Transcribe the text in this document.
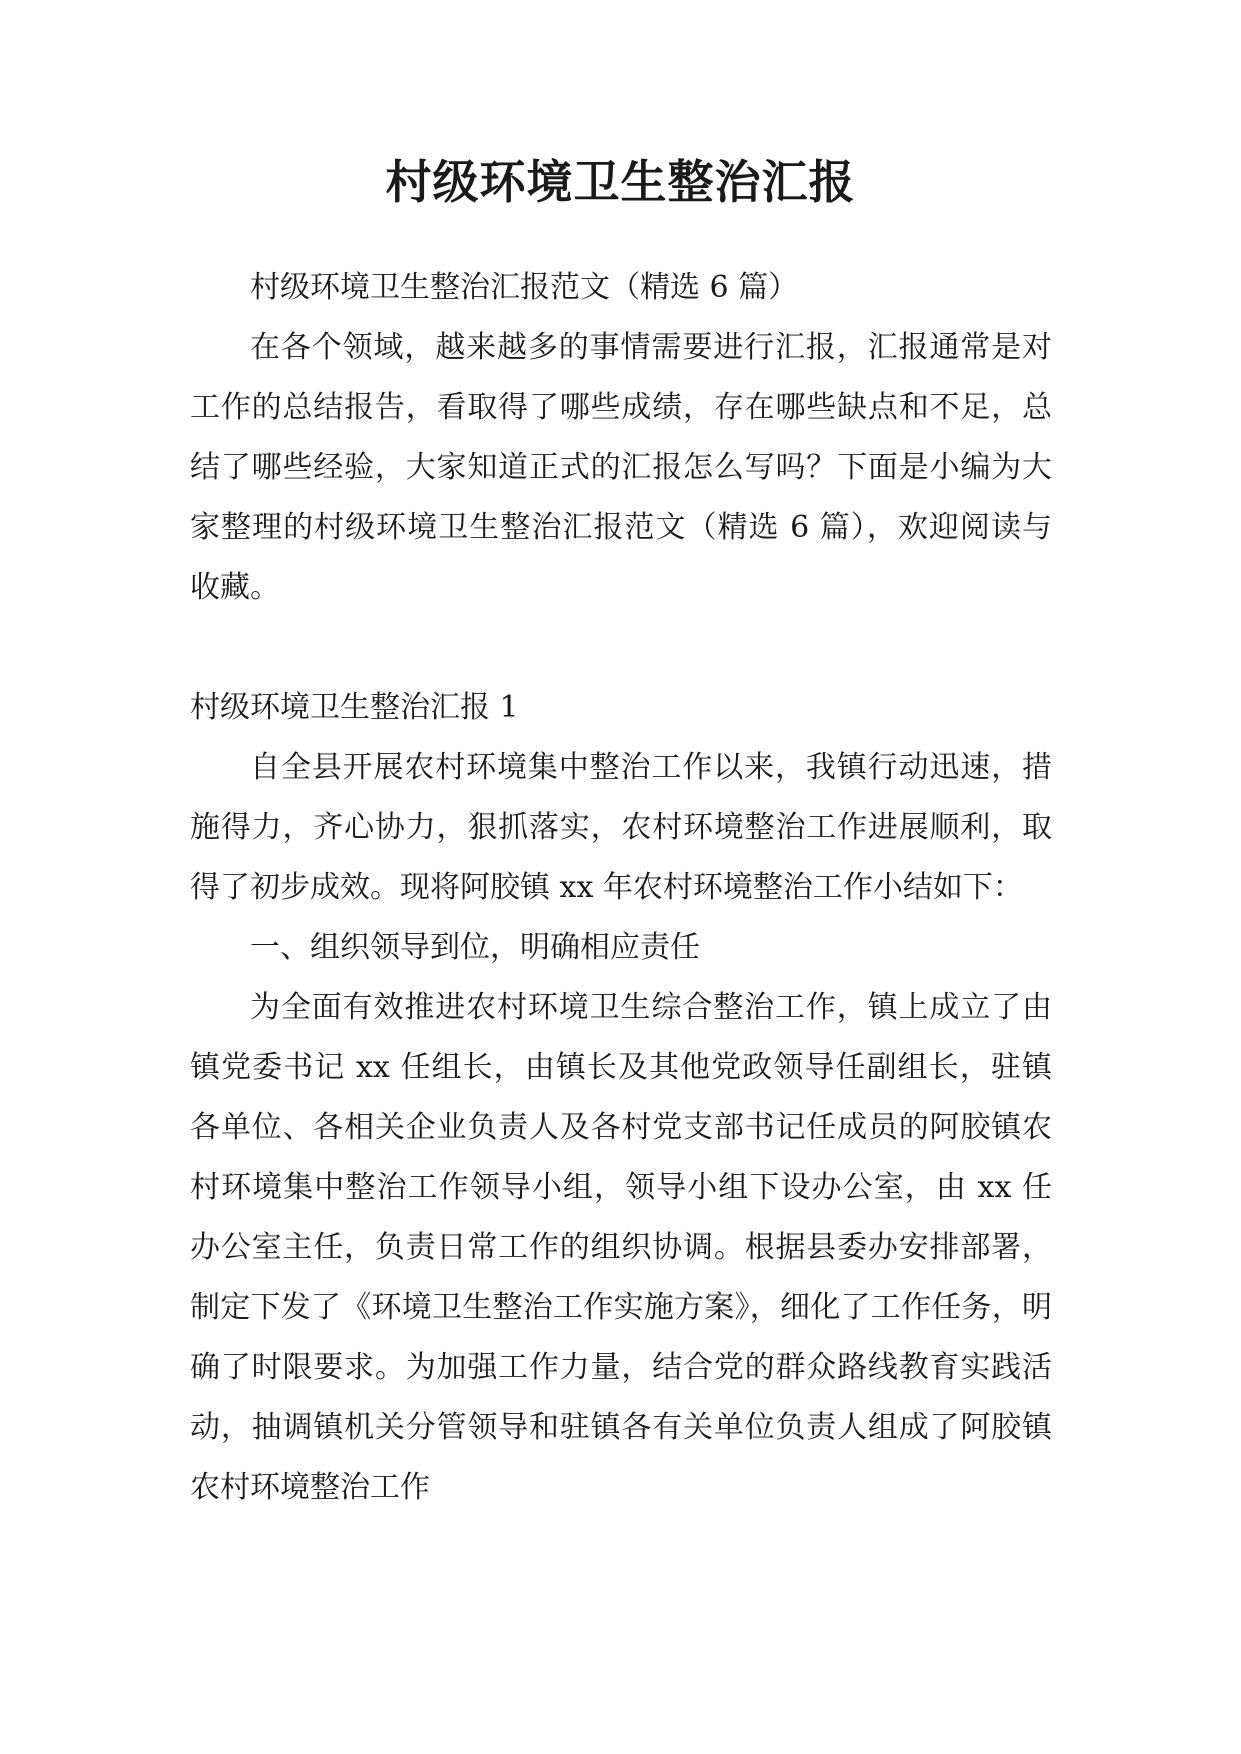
村级环境卫生整治汇报

村级环境卫生整治汇报范文（精选 6 篇）

在各个领域，越来越多的事情需要进行汇报，汇报通常是对工作的总结报告，看取得了哪些成绩，存在哪些缺点和不足，总结了哪些经验，大家知道正式的汇报怎么写吗？下面是小编为大家整理的村级环境卫生整治汇报范文（精选 6 篇），欢迎阅读与收藏。

村级环境卫生整治汇报 1

自全县开展农村环境集中整治工作以来，我镇行动迅速，措施得力，齐心协力，狠抓落实，农村环境整治工作进展顺利，取得了初步成效。现将阿胶镇 xx 年农村环境整治工作小结如下：

一、组织领导到位，明确相应责任

为全面有效推进农村环境卫生综合整治工作，镇上成立了由镇党委书记 xx 任组长，由镇长及其他党政领导任副组长，驻镇各单位、各相关企业负责人及各村党支部书记任成员的阿胶镇农村环境集中整治工作领导小组，领导小组下设办公室，由 xx 任办公室主任，负责日常工作的组织协调。根据县委办安排部署，制定下发了《环境卫生整治工作实施方案》，细化了工作任务，明确了时限要求。为加强工作力量，结合党的群众路线教育实践活动，抽调镇机关分管领导和驻镇各有关单位负责人组成了阿胶镇农村环境整治工作
